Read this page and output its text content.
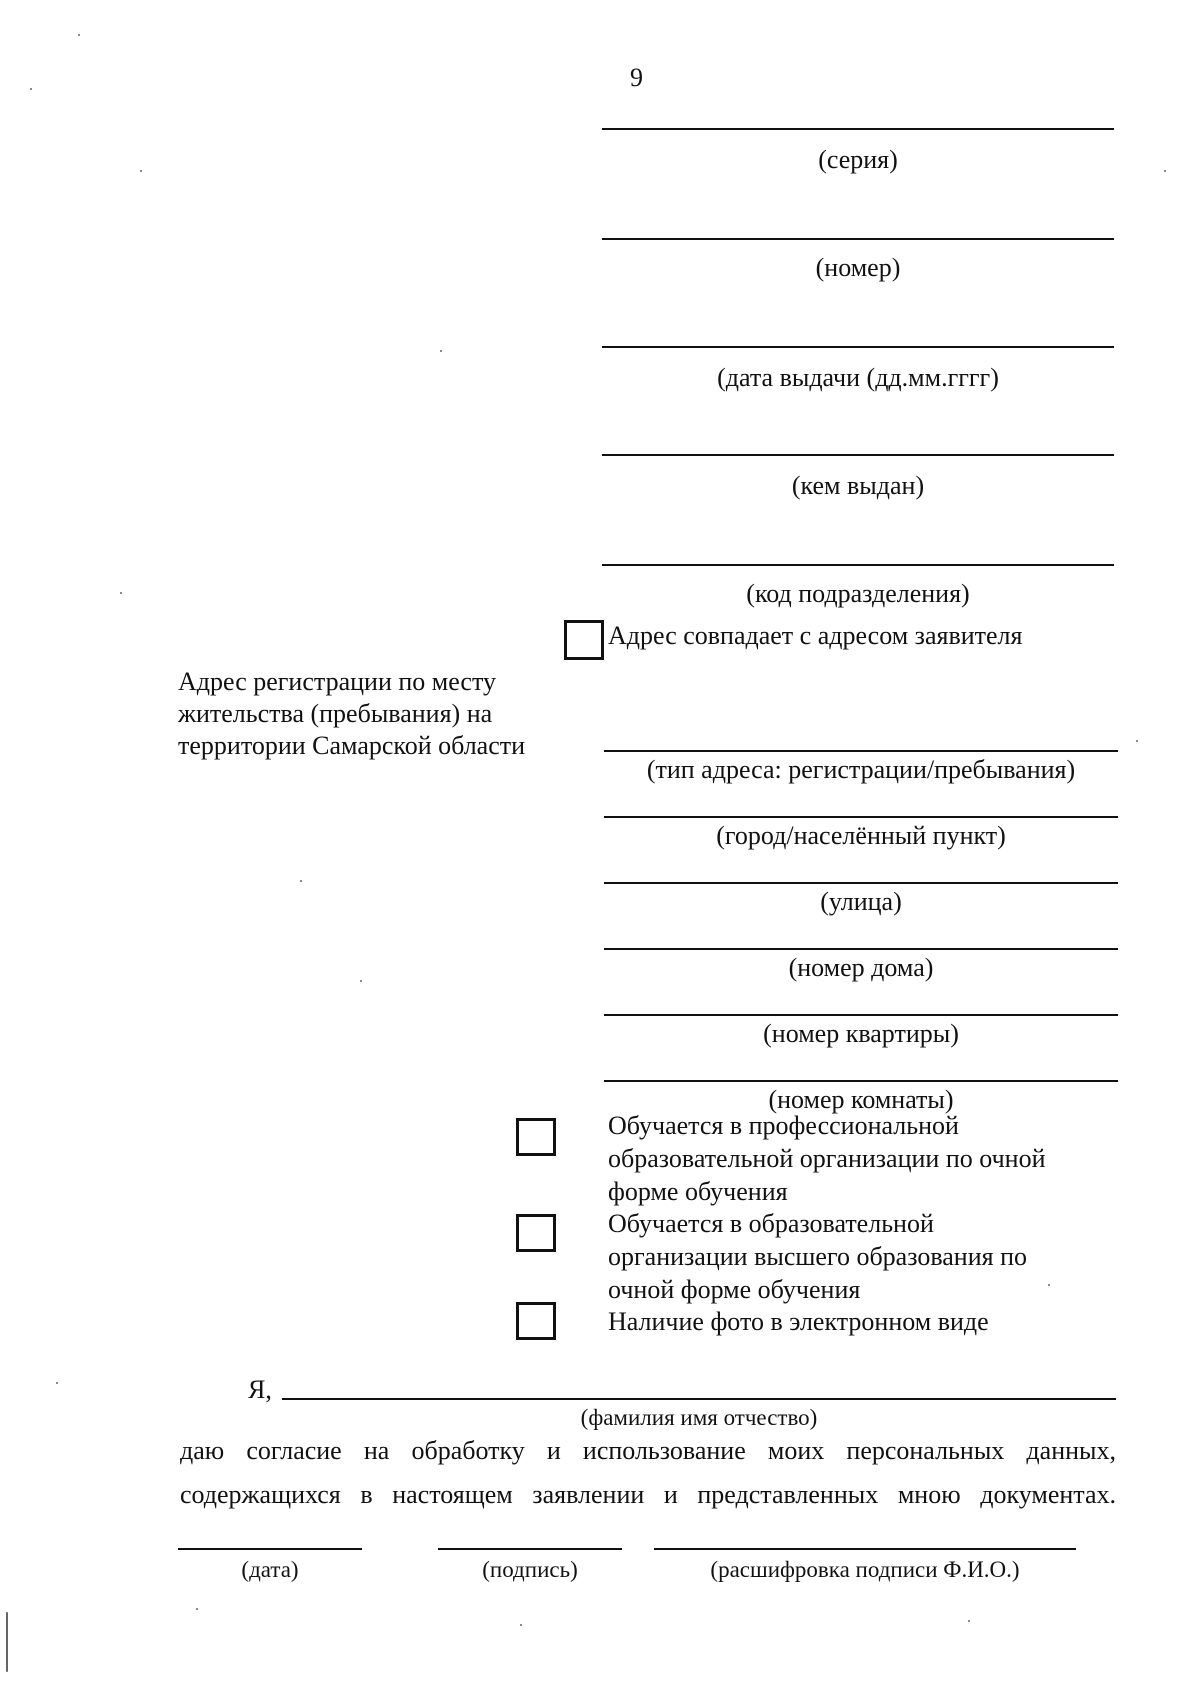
9
(серия)
(номер)
(дата выдачи (дд.мм.гггг)
(кем выдан)
(код подразделения)
Адрес совпадает с адресом заявителя
Адрес регистрации по месту
жительства (пребывания) на
территории Самарской области
(тип адреса: регистрации/пребывания)
(город/населённый пункт)
(улица)
(номер дома)
(номер квартиры)
(номер комнаты)
Обучается в профессиональной
образовательной организации по очной
форме обучения
Обучается в образовательной
организации высшего образования по
очной форме обучения
Наличие фото в электронном виде
Я,
(фамилия имя отчество)
даю согласие на обработку и использование моих персональных данных,
содержащихся в настоящем заявлении и представленных мною документах.
(дата)	(подпись)	(расшифровка подписи Ф.И.О.)
